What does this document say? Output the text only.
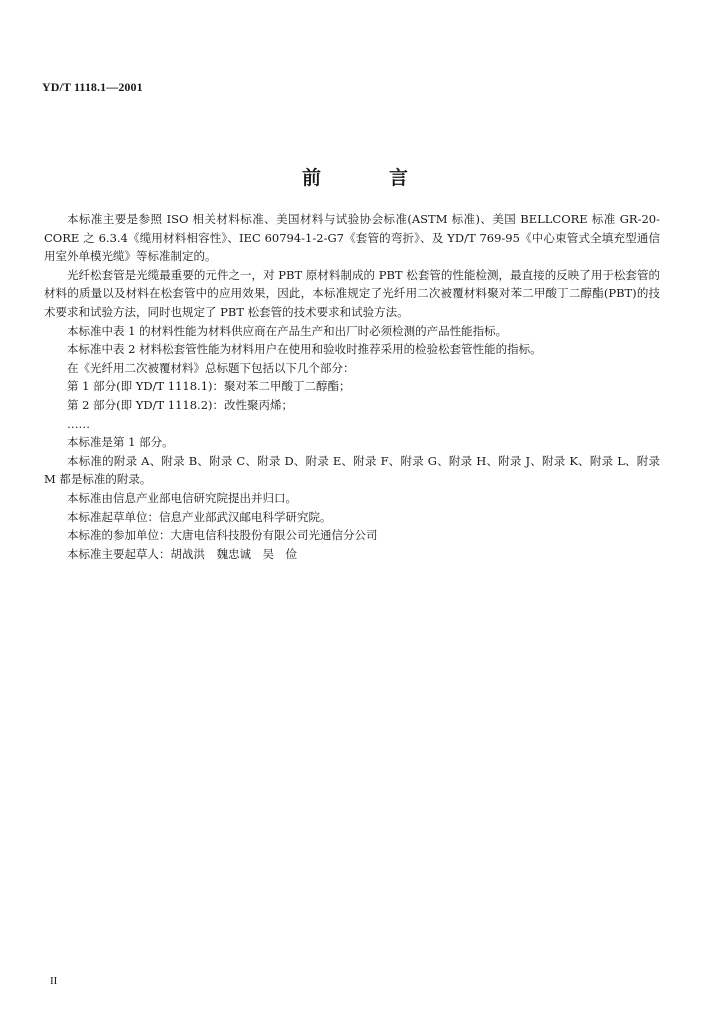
YD/T 1118.1—2001
前言

本标准主要是参照 ISO 相关材料标准、美国材料与试验协会标准(ASTM 标准)、美国 BELLCORE 标准 GR-20-CORE 之 6.3.4《缆用材料相容性》、IEC 60794-1-2-G7《套管的弯折》、及 YD/T 769-95《中心束管式全填充型通信用室外单模光缆》等标准制定的。

光纤松套管是光缆最重要的元件之一，对 PBT 原材料制成的 PBT 松套管的性能检测，最直接的反映了用于松套管的材料的质量以及材料在松套管中的应用效果，因此，本标准规定了光纤用二次被覆材料聚对苯二甲酸丁二醇酯(PBT)的技术要求和试验方法，同时也规定了 PBT 松套管的技术要求和试验方法。

本标准中表 1 的材料性能为材料供应商在产品生产和出厂时必须检测的产品性能指标。

本标准中表 2 材料松套管性能为材料用户在使用和验收时推荐采用的检验松套管性能的指标。

在《光纤用二次被覆材料》总标题下包括以下几个部分：

第 1 部分(即 YD/T 1118.1)：聚对苯二甲酸丁二醇酯；

第 2 部分(即 YD/T 1118.2)：改性聚丙烯；

……

本标准是第 1 部分。

本标准的附录 A、附录 B、附录 C、附录 D、附录 E、附录 F、附录 G、附录 H、附录 J、附录 K、附录 L、附录 M 都是标准的附录。

本标准由信息产业部电信研究院提出并归口。

本标准起草单位：信息产业部武汉邮电科学研究院。

本标准的参加单位：大唐电信科技股份有限公司光通信分公司

本标准主要起草人：胡战洪　魏忠诚　吴　俭

II
